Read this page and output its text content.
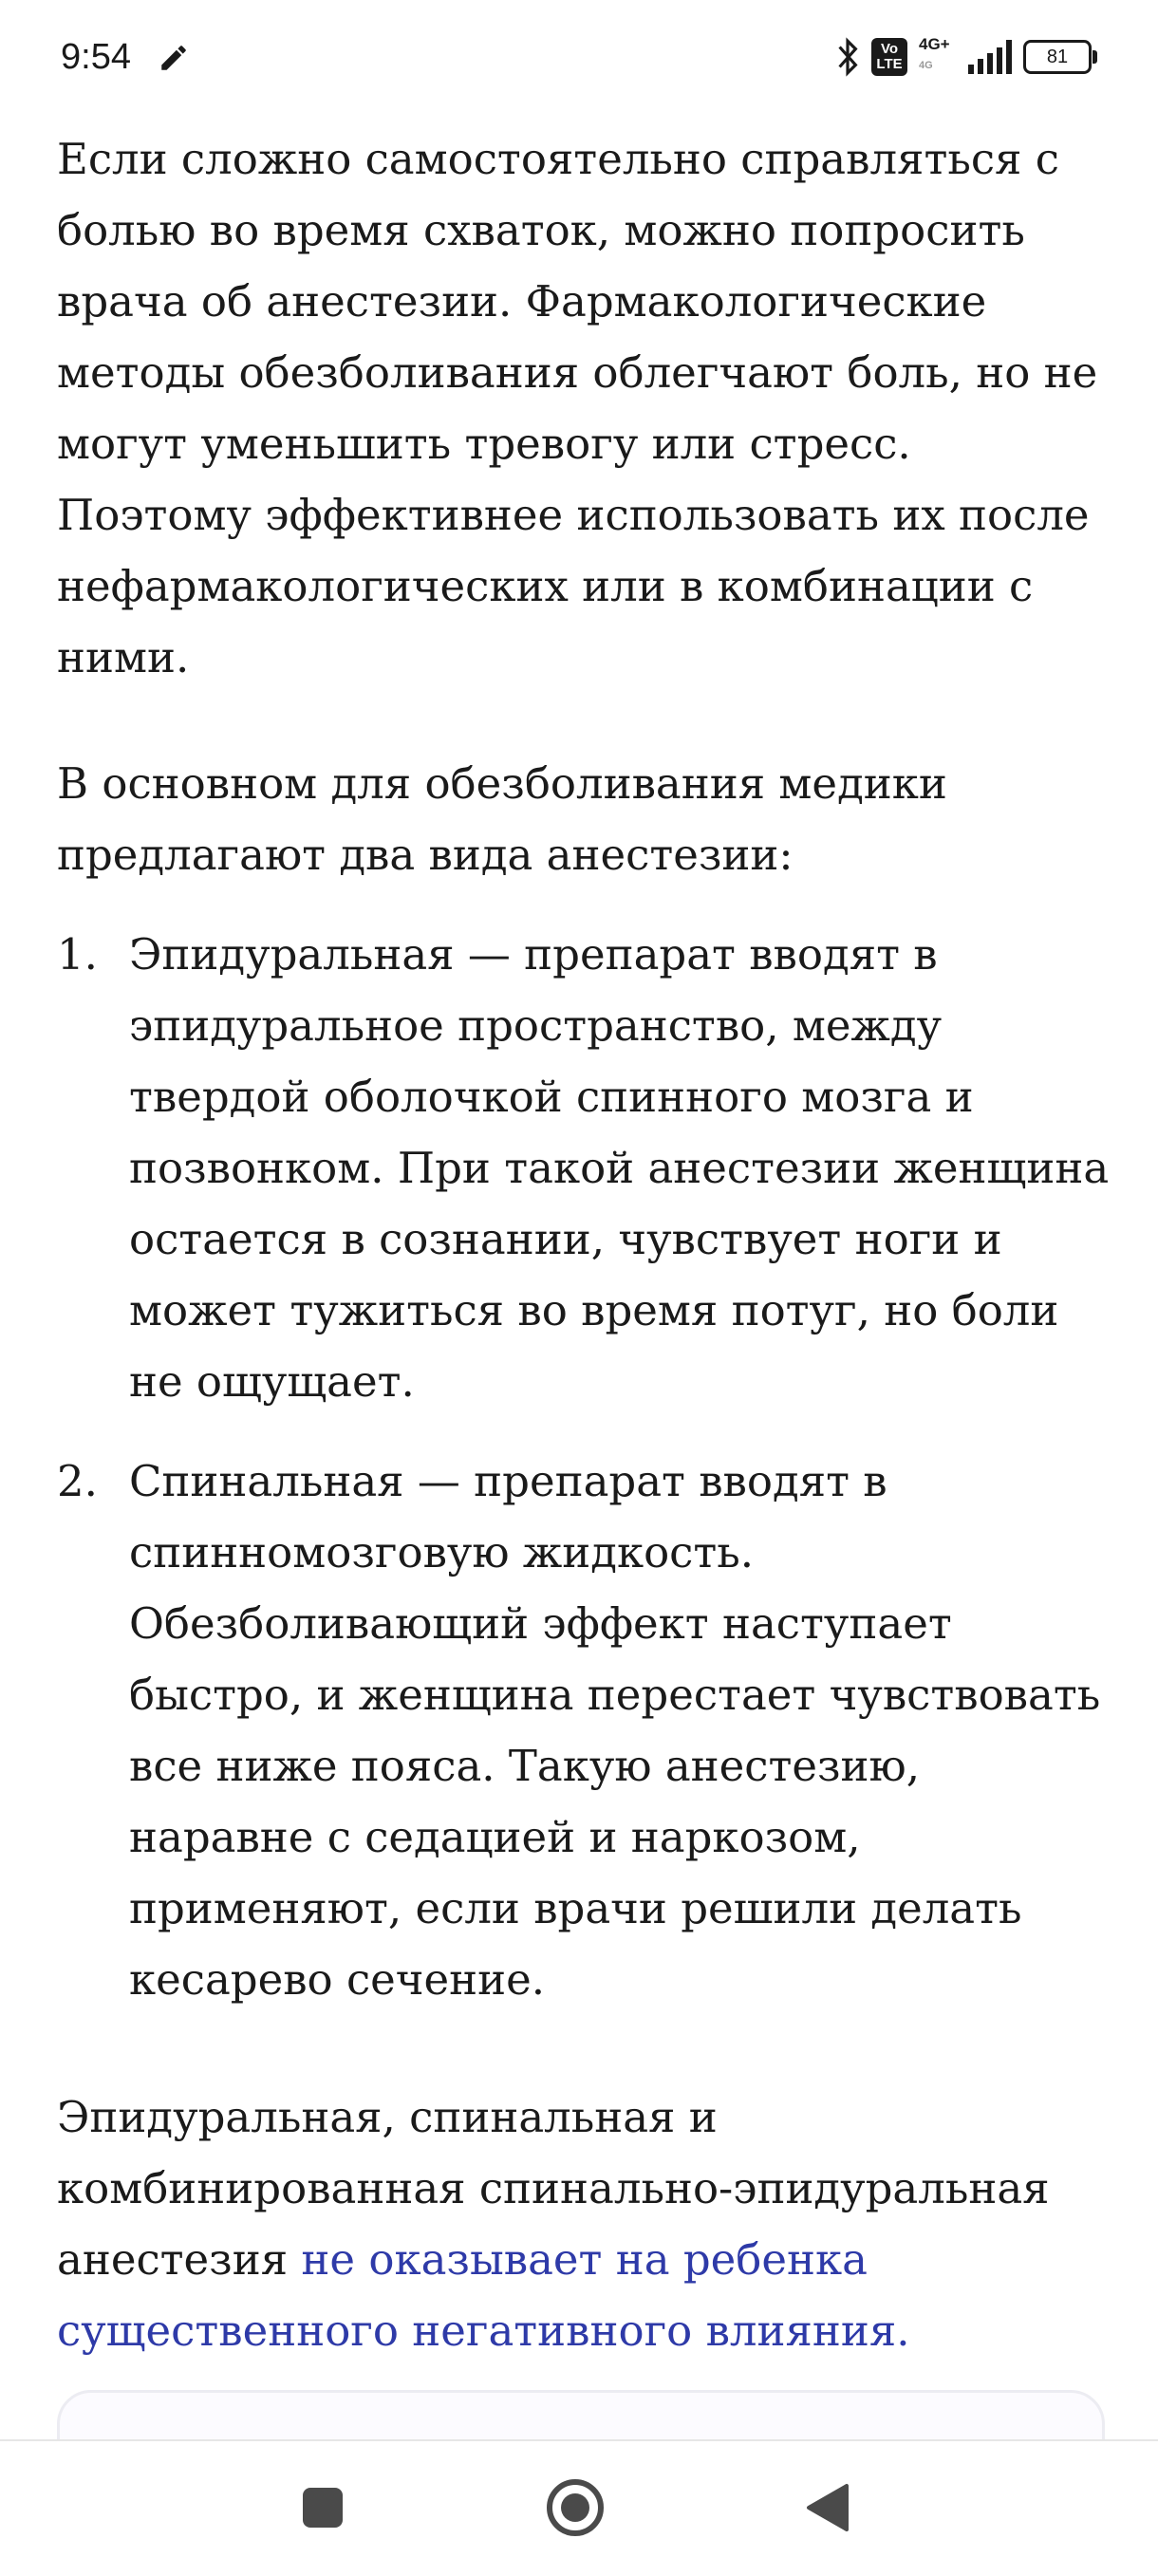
9:54	Vo
LTE
4G+
4G	81

Если сложно самостоятельно справляться с болью во время схваток, можно попросить врача об анестезии. Фармакологические методы обезболивания облегчают боль, но не могут уменьшить тревогу или стресс. Поэтому эффективнее использовать их после нефармакологических или в комбинации с ними.

В основном для обезболивания медики предлагают два вида анестезии:

1. Эпидуральная — препарат вводят в эпидуральное пространство, между твердой оболочкой спинного мозга и позвонком. При такой анестезии женщина остается в сознании, чувствует ноги и может тужиться во время потуг, но боли не ощущает.
2. Спинальная — препарат вводят в спинномозговую жидкость. Обезболивающий эффект наступает быстро, и женщина перестает чувствовать все ниже пояса. Такую анестезию, наравне с седацией и наркозом, применяют, если врачи решили делать кесарево сечение.

Эпидуральная, спинальная и комбинированная спинально-эпидуральная анестезия не оказывает на ребенка существенного негативного влияния.
